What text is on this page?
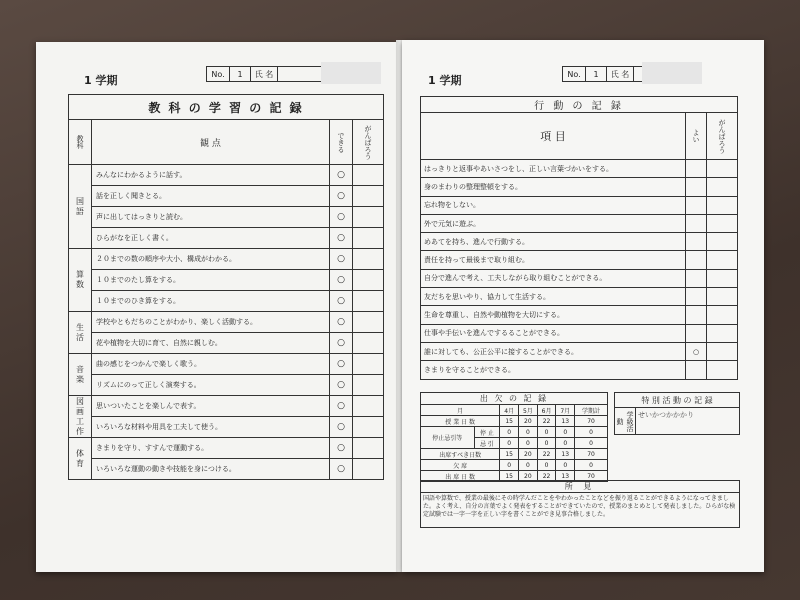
1 学期	No.	1	氏 名
教 科 の 学 習 の 記 録			
教科	観 点	できる	がんばろう
国語	みんなにわかるように話す。	○	
	話を正しく聞きとる。	○	
	声に出してはっきりと読む。	○	
	ひらがなを正しく書く。	○	
算数	２０までの数の順序や大小、構成がわかる。	○	
	１０までのたし算をする。	○	
	１０までのひき算をする。	○	
生活	学校やともだちのことがわかり、楽しく活動する。	○	
	花や植物を大切に育て、自然に親しむ。	○	
音楽	曲の感じをつかんで楽しく歌う。	○	
	リズムにのって正しく演奏する。	○	
図画工作	思いついたことを楽しんで表す。	○	
	いろいろな材料や用具を工夫して使う。	○	
体育	きまりを守り、すすんで運動する。	○	
	いろいろな運動の動きや技能を身につける。	○	
1 学期	No.	1	氏 名
行 動 の 記 録		
項 目	よい	がんばろう
はっきりと返事やあいさつをし、正しい言葉づかいをする。		
身のまわりの整理整頓をする。		
忘れ物をしない。		
外で元気に遊ぶ。		
めあてを持ち、進んで行動する。		
責任を持って最後まで取り組む。		
自分で進んで考え、工夫しながら取り組むことができる。		
友だちを思いやり、協力して生活する。		
生命を尊重し、自然や動植物を大切にする。		
仕事や手伝いを進んでするることができる。		
誰に対しても、公正公平に接することができる。	○	
きまりを守ることができる。		
出 欠 の 記 録						
月		4月	5月	6月	7月	学期計
授 業 日 数		15	20	22	13	70
停止忌引等	停 止	0	0	0	0	0
	忌 引	0	0	0	0	0
出席すべき日数		15	20	22	13	70
欠 席		0	0	0	0	0
出 席 日 数		15	20	22	13	70
特 別 活 動 の 記 録
学級活動	せいかつかかかり
所 見
国語や算数で、授業の最後にその時学んだことをやわかったことなどを振り返ることができるようになってきました。よく考え、自分の言葉でよく発表をすることができていたので、授業のまとめとして発表しました。ひらがな検定試験では一字一字を正しい字を書くことができ見事合格しました。
